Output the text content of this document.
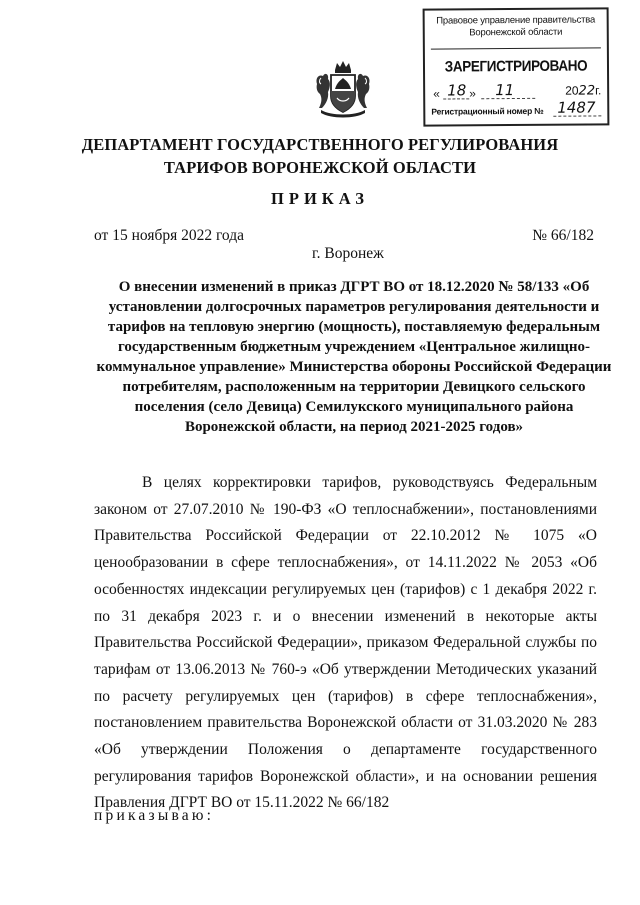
Правовое управление правительства
Воронежской области
ЗАРЕГИСТРИРОВАНО
« 18 » 11	2022г.
Регистрационный номер № 1487
ДЕПАРТАМЕНТ ГОСУДАРСТВЕННОГО РЕГУЛИРОВАНИЯ
ТАРИФОВ ВОРОНЕЖСКОЙ ОБЛАСТИ
ПРИКАЗ
от 15 ноября 2022 года	№ 66/182
г. Воронеж
О внесении изменений в приказ ДГРТ ВО от 18.12.2020 № 58/133 «Об установлении долгосрочных параметров регулирования деятельности и тарифов на тепловую энергию (мощность), поставляемую федеральным государственным бюджетным учреждением «Центральное жилищно-коммунальное управление» Министерства обороны Российской Федерации потребителям, расположенным на территории Девицкого сельского поселения (село Девица) Семилукского муниципального района Воронежской области, на период 2021-2025 годов»

В целях корректировки тарифов, руководствуясь Федеральным законом от 27.07.2010 № 190-ФЗ «О теплоснабжении», постановлениями Правительства Российской Федерации от 22.10.2012 № 1075 «О ценообразовании в сфере теплоснабжения», от 14.11.2022 № 2053 «Об особенностях индексации регулируемых цен (тарифов) с 1 декабря 2022 г. по 31 декабря 2023 г. и о внесении изменений в некоторые акты Правительства Российской Федерации», приказом Федеральной службы по тарифам от 13.06.2013 № 760-э «Об утверждении Методических указаний по расчету регулируемых цен (тарифов) в сфере теплоснабжения», постановлением правительства Воронежской области от 31.03.2020 № 283 «Об утверждении Положения о департаменте государственного регулирования тарифов Воронежской области», и на основании решения Правления ДГРТ ВО от 15.11.2022 № 66/182

приказываю:
